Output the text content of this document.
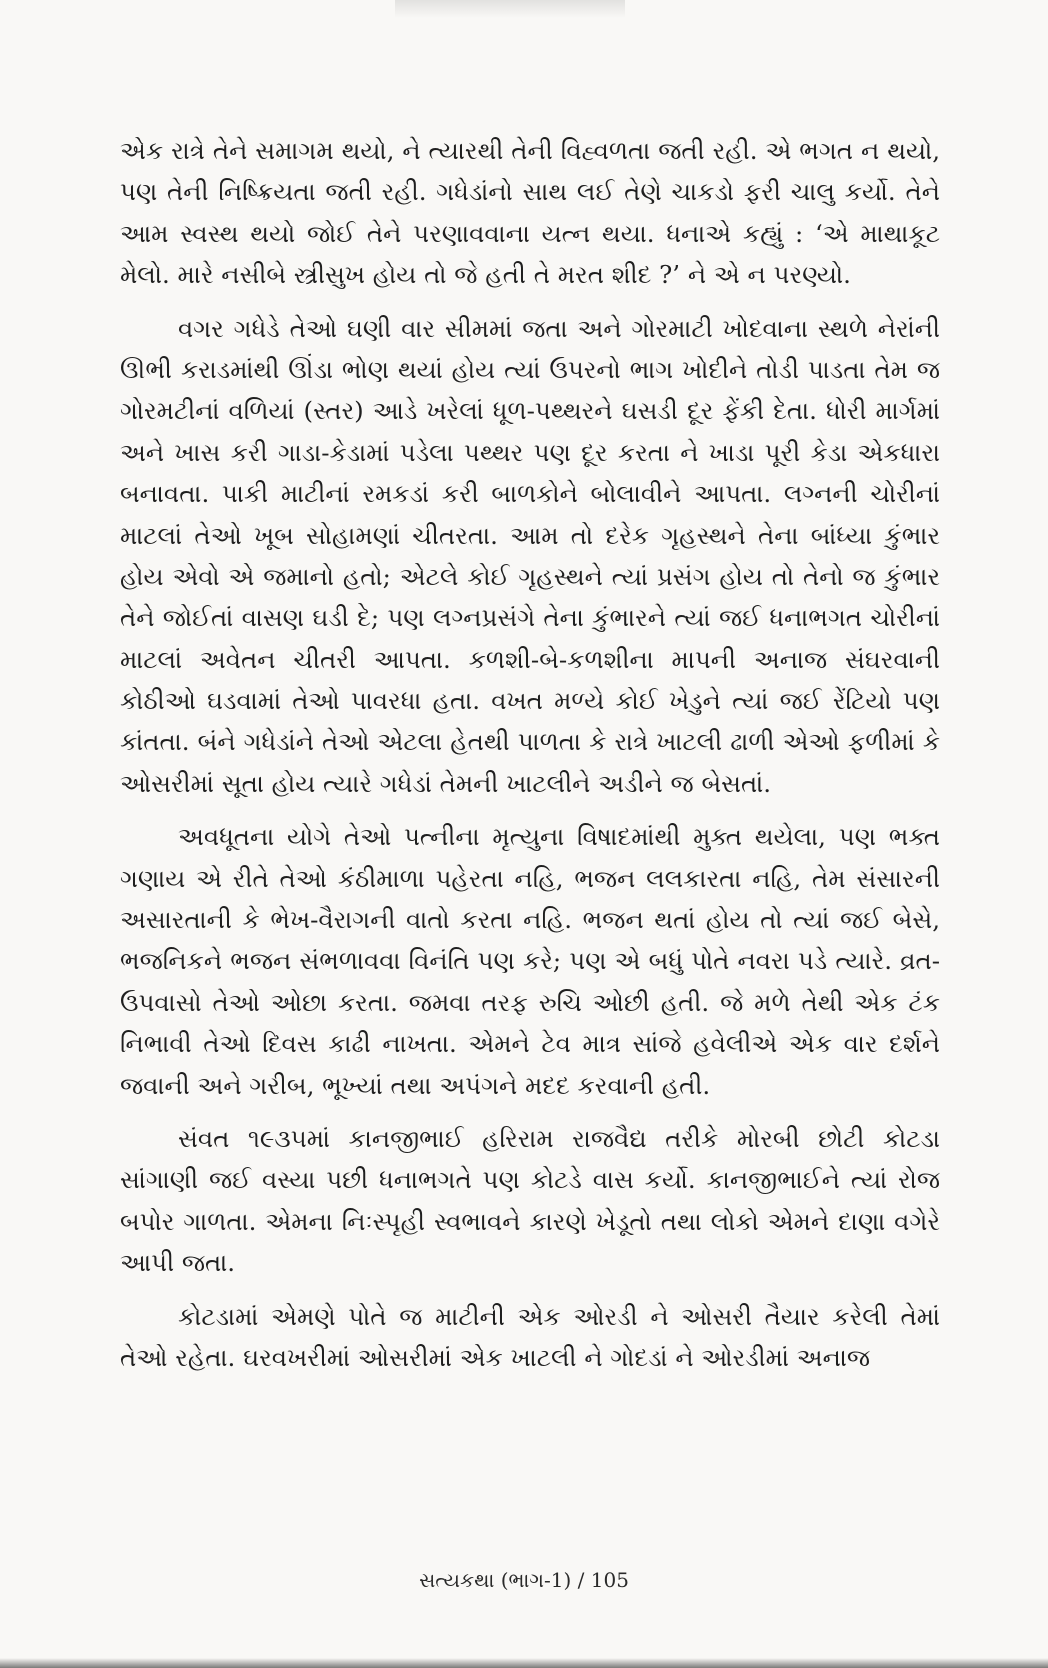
એક રાત્રે તેને સમાગમ થયો, ને ત્યારથી તેની વિહ્વળતા જતી રહી. એ ભગત ન થયો, પણ તેની નિષ્ક્રિયતા જતી રહી. ગધેડાંનો સાથ લઈ તેણે ચાકડો ફરી ચાલુ કર્યો. તેને આમ સ્વસ્થ થયો જોઈ તેને પરણાવવાના યત્ન થયા. ધનાએ કહ્યું : ‘એ માથાકૂટ મેલો. મારે નસીબે સ્ત્રીસુખ હોય તો જે હતી તે મરત શીદ ?’ ને એ ન પરણ્યો.

વગર ગધેડે તેઓ ઘણી વાર સીમમાં જતા અને ગોરમાટી ખોદવાના સ્થળે નેરાંની ઊભી કરાડમાંથી ઊંડા ભોણ થયાં હોય ત્યાં ઉપરનો ભાગ ખોદીને તોડી પાડતા તેમ જ ગોરમટીનાં વળિયાં (સ્તર) આડે ખરેલાં ધૂળ-પથ્થરને ઘસડી દૂર ફેંકી દેતા. ધોરી માર્ગમાં અને ખાસ કરી ગાડા-કેડામાં પડેલા પથ્થર પણ દૂર કરતા ને ખાડા પૂરી કેડા એકધારા બનાવતા. પાકી માટીનાં રમકડાં કરી બાળકોને બોલાવીને આપતા. લગ્નની ચોરીનાં માટલાં તેઓ ખૂબ સોહામણાં ચીતરતા. આમ તો દરેક ગૃહસ્થને તેના બાંધ્યા કુંભાર હોય એવો એ જમાનો હતો; એટલે કોઈ ગૃહસ્થને ત્યાં પ્રસંગ હોય તો તેનો જ કુંભાર તેને જોઈતાં વાસણ ઘડી દે; પણ લગ્નપ્રસંગે તેના કુંભારને ત્યાં જઈ ધનાભગત ચોરીનાં માટલાં અવેતન ચીતરી આપતા. કળશી-બે-કળશીના માપની અનાજ સંઘરવાની કોઠીઓ ઘડવામાં તેઓ પાવરધા હતા. વખત મળ્યે કોઈ ખેડુને ત્યાં જઈ રેંટિયો પણ કાંતતા. બંને ગધેડાંને તેઓ એટલા હેતથી પાળતા કે રાત્રે ખાટલી ઢાળી એઓ ફળીમાં કે ઓસરીમાં સૂતા હોય ત્યારે ગધેડાં તેમની ખાટલીને અડીને જ બેસતાં.

અવધૂતના યોગે તેઓ પત્નીના મૃત્યુના વિષાદમાંથી મુક્ત થયેલા, પણ ભક્ત ગણાય એ રીતે તેઓ કંઠીમાળા પહેરતા નહિ, ભજન લલકારતા નહિ, તેમ સંસારની અસારતાની કે ભેખ-વૈરાગની વાતો કરતા નહિ. ભજન થતાં હોય તો ત્યાં જઈ બેસે, ભજનિકને ભજન સંભળાવવા વિનંતિ પણ કરે; પણ એ બધું પોતે નવરા પડે ત્યારે. વ્રત-ઉપવાસો તેઓ ઓછા કરતા. જમવા તરફ રુચિ ઓછી હતી. જે મળે તેથી એક ટંક નિભાવી તેઓ દિવસ કાઢી નાખતા. એમને ટેવ માત્ર સાંજે હવેલીએ એક વાર દર્શને જવાની અને ગરીબ, ભૂખ્યાં તથા અપંગને મદદ કરવાની હતી.

સંવત ૧૯૩૫માં કાનજીભાઈ હરિરામ રાજવૈદ્ય તરીકે મોરબી છોટી કોટડા સાંગાણી જઈ વસ્યા પછી ધનાભગતે પણ કોટડે વાસ કર્યો. કાનજીભાઈને ત્યાં રોજ બપોર ગાળતા. એમના નિઃસ્પૃહી સ્વભાવને કારણે ખેડૂતો તથા લોકો એમને દાણા વગેરે આપી જતા.

કોટડામાં એમણે પોતે જ માટીની એક ઓરડી ને ઓસરી તૈયાર કરેલી તેમાં તેઓ રહેતા. ઘરવખરીમાં ઓસરીમાં એક ખાટલી ને ગોદડાં ને ઓરડીમાં અનાજ

સત્યકથા (ભાગ-1) / 105
